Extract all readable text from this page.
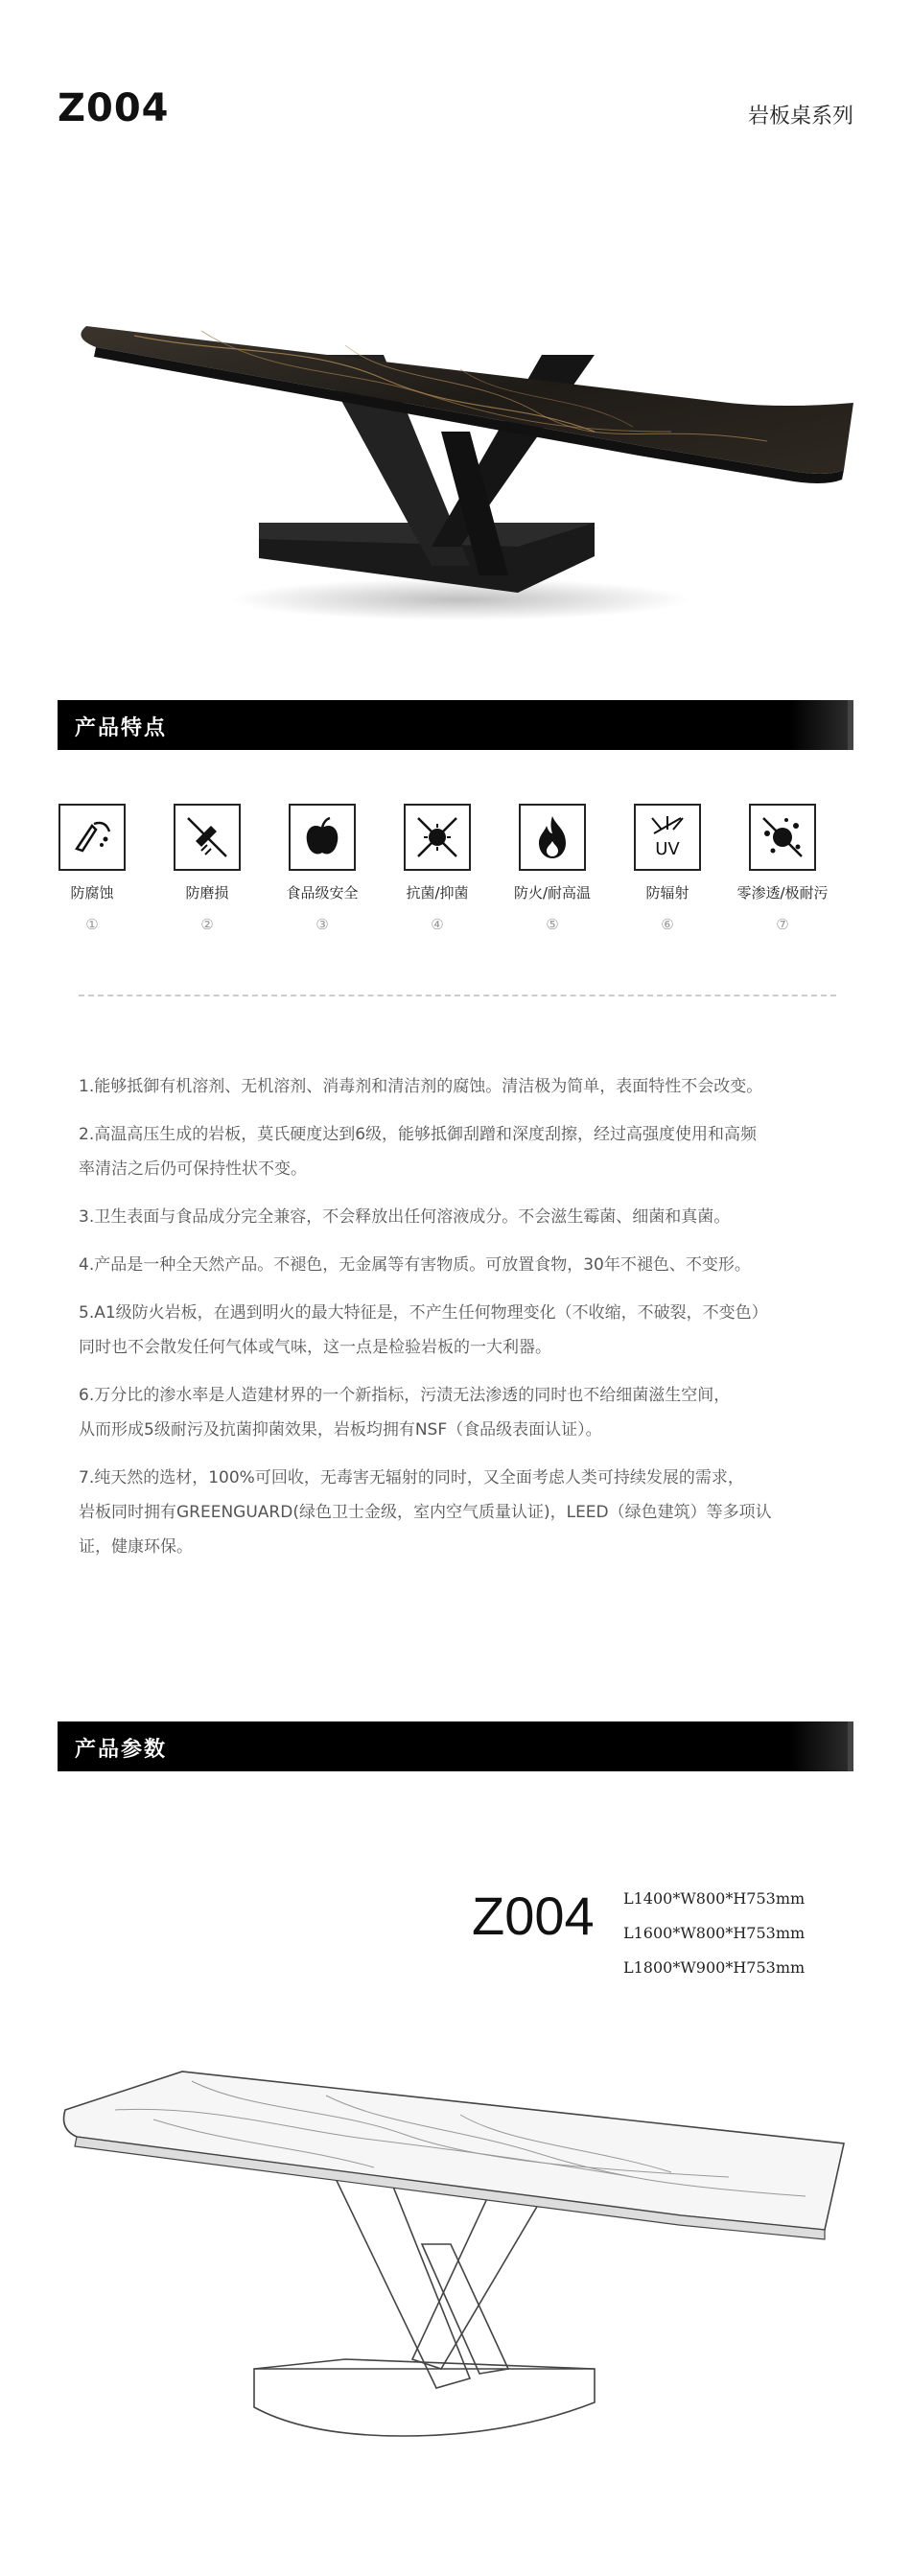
Z004	岩板桌系列
产品特点
防腐蚀
①
防磨损
②
食品级安全
③
抗菌/抑菌
④
防火/耐高温
⑤
UV
防辐射
⑥
零渗透/极耐污
⑦

1.能够抵御有机溶剂、无机溶剂、消毒剂和清洁剂的腐蚀。清洁极为简单，表面特性不会改变。

2.高温高压生成的岩板，莫氏硬度达到6级，能够抵御刮蹭和深度刮擦，经过高强度使用和高频

率清洁之后仍可保持性状不变。

3.卫生表面与食品成分完全兼容，不会释放出任何溶液成分。不会滋生霉菌、细菌和真菌。

4.产品是一种全天然产品。不褪色，无金属等有害物质。可放置食物，30年不褪色、不变形。

5.A1级防火岩板，在遇到明火的最大特征是，不产生任何物理变化（不收缩，不破裂，不变色）

同时也不会散发任何气体或气味，这一点是检验岩板的一大利器。

6.万分比的渗水率是人造建材界的一个新指标，污渍无法渗透的同时也不给细菌滋生空间，

从而形成5级耐污及抗菌抑菌效果，岩板均拥有NSF（食品级表面认证）。

7.纯天然的选材，100%可回收，无毒害无辐射的同时，又全面考虑人类可持续发展的需求，

岩板同时拥有GREENGUARD(绿色卫士金级，室内空气质量认证)，LEED（绿色建筑）等多项认

证，健康环保。

产品参数
Z004 L1400*W800*H753mm
L1600*W800*H753mm
L1800*W900*H753mm
